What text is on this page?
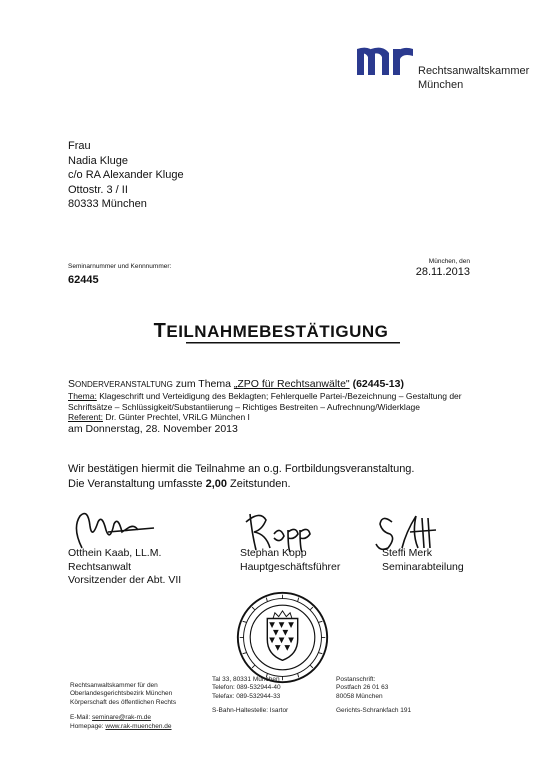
Rechtsanwaltskammer
München
Frau
Nadia Kluge
c/o RA Alexander Kluge
Ottostr. 3 / II
80333 München
Seminarnummer und Kennnummer:
62445
München, den
28.11.2013
TEILNAHMEBESTÄTIGUNG
SONDERVERANSTALTUNG zum Thema „ZPO für Rechtsanwälte" (62445-13)
Thema: Klageschrift und Verteidigung des Beklagten; Fehlerquelle Partei-/Bezeichnung – Gestaltung der Schriftsätze – Schlüssigkeit/Substantiierung – Richtiges Bestreiten – Aufrechnung/Widerklage
Referent: Dr. Günter Prechtel, VRiLG München I
am Donnerstag, 28. November 2013
Wir bestätigen hiermit die Teilnahme an o.g. Fortbildungsveranstaltung.
Die Veranstaltung umfasste 2,00 Zeitstunden.
Otthein Kaab, LL.M.
Rechtsanwalt
Vorsitzender der Abt. VII
Stephan Kopp
Hauptgeschäftsführer
Steffi Merk
Seminarabteilung
Rechtsanwaltskammer für den
Oberlandesgerichtsbezirk München
Körperschaft des öffentlichen Rechts
E-Mail: seminare@rak-m.de
Homepage: www.rak-muenchen.de
Tal 33, 80331 München
Telefon: 089-532944-40
Telefax: 089-532944-33
S-Bahn-Haltestelle: Isartor
Postanschrift:
Postfach 26 01 63
80058 München
Gerichts-Schrankfach 191
